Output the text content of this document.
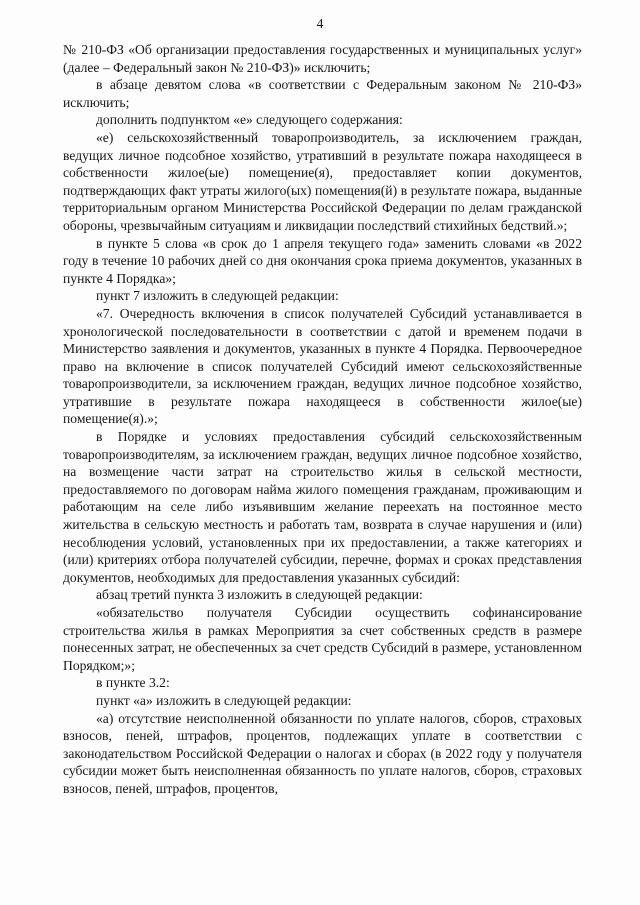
4

№ 210-ФЗ «Об организации предоставления государственных и муниципальных услуг» (далее – Федеральный закон № 210-ФЗ)» исключить;

в абзаце девятом слова «в соответствии с Федеральным законом № 210-ФЗ» исключить;

дополнить подпунктом «е» следующего содержания:

«е) сельскохозяйственный товаропроизводитель, за исключением граждан, ведущих личное подсобное хозяйство, утративший в результате пожара находящееся в собственности жилое(ые) помещение(я), предоставляет копии документов, подтверждающих факт утраты жилого(ых) помещения(й) в результате пожара, выданные территориальным органом Министерства Российской Федерации по делам гражданской обороны, чрезвычайным ситуациям и ликвидации последствий стихийных бедствий.»;

в пункте 5 слова «в срок до 1 апреля текущего года» заменить словами «в 2022 году в течение 10 рабочих дней со дня окончания срока приема документов, указанных в пункте 4 Порядка»;

пункт 7 изложить в следующей редакции:

«7. Очередность включения в список получателей Субсидий устанавливается в хронологической последовательности в соответствии с датой и временем подачи в Министерство заявления и документов, указанных в пункте 4 Порядка. Первоочередное право на включение в список получателей Субсидий имеют сельскохозяйственные товаропроизводители, за исключением граждан, ведущих личное подсобное хозяйство, утратившие в результате пожара находящееся в собственности жилое(ые) помещение(я).»;

в Порядке и условиях предоставления субсидий сельскохозяйственным товаропроизводителям, за исключением граждан, ведущих личное подсобное хозяйство, на возмещение части затрат на строительство жилья в сельской местности, предоставляемого по договорам найма жилого помещения гражданам, проживающим и работающим на селе либо изъявившим желание переехать на постоянное место жительства в сельскую местность и работать там, возврата в случае нарушения и (или) несоблюдения условий, установленных при их предоставлении, а также категориях и (или) критериях отбора получателей субсидии, перечне, формах и сроках представления документов, необходимых для предоставления указанных субсидий:

абзац третий пункта 3 изложить в следующей редакции:

«обязательство получателя Субсидии осуществить софинансирование строительства жилья в рамках Мероприятия за счет собственных средств в размере понесенных затрат, не обеспеченных за счет средств Субсидий в размере, установленном Порядком;»;

в пункте 3.2:

пункт «а» изложить в следующей редакции:

«а) отсутствие неисполненной обязанности по уплате налогов, сборов, страховых взносов, пеней, штрафов, процентов, подлежащих уплате в соответствии с законодательством Российской Федерации о налогах и сборах (в 2022 году у получателя субсидии может быть неисполненная обязанность по уплате налогов, сборов, страховых взносов, пеней, штрафов, процентов,
